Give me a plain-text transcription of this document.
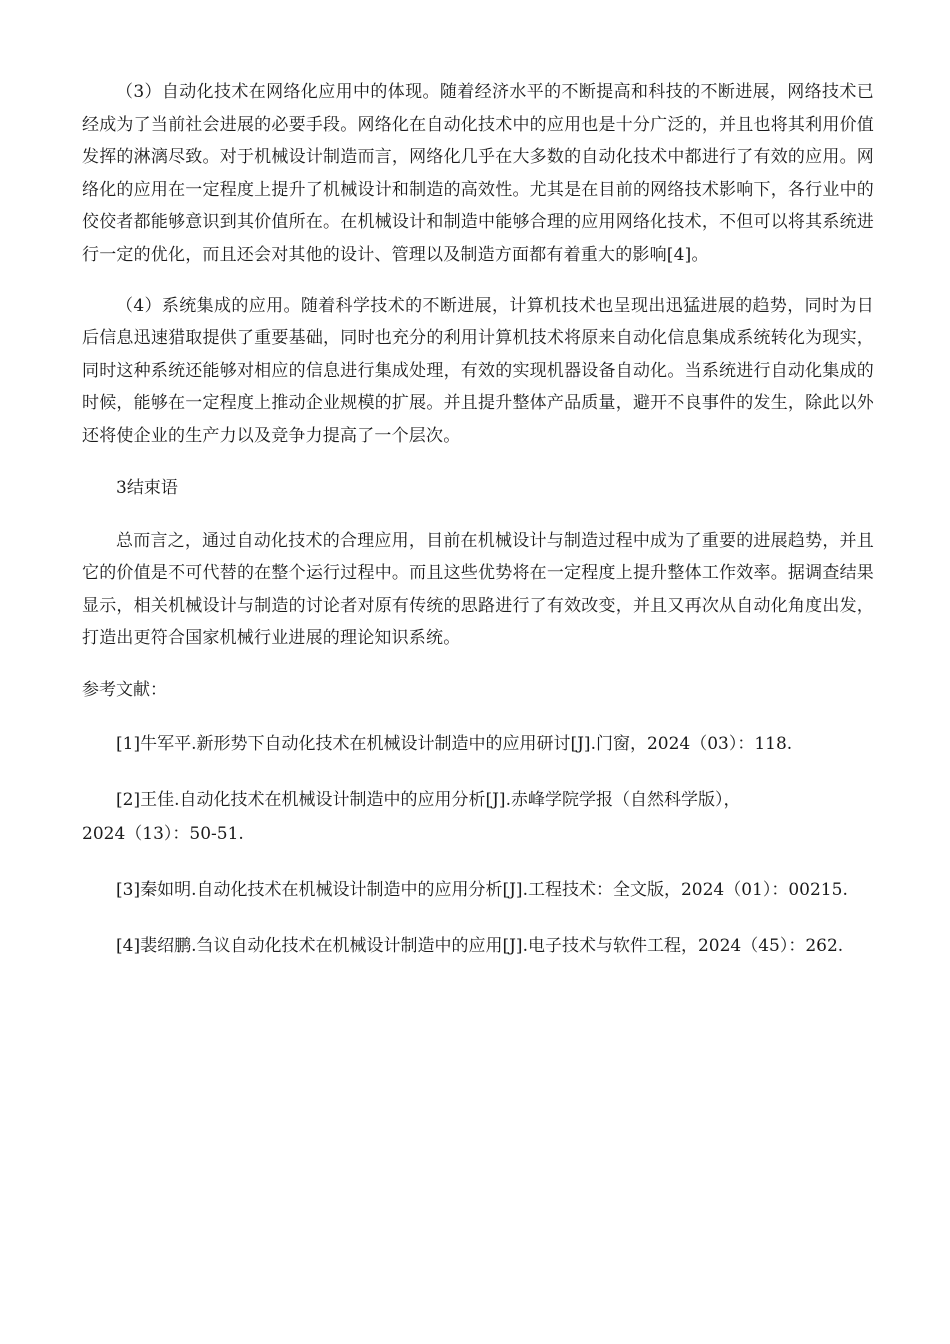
（3）自动化技术在网络化应用中的体现。随着经济水平的不断提高和科技的不断进展，网络技术已经成为了当前社会进展的必要手段。网络化在自动化技术中的应用也是十分广泛的，并且也将其利用价值发挥的淋漓尽致。对于机械设计制造而言，网络化几乎在大多数的自动化技术中都进行了有效的应用。网络化的应用在一定程度上提升了机械设计和制造的高效性。尤其是在目前的网络技术影响下，各行业中的佼佼者都能够意识到其价值所在。在机械设计和制造中能够合理的应用网络化技术，不但可以将其系统进行一定的优化，而且还会对其他的设计、管理以及制造方面都有着重大的影响[4]。

（4）系统集成的应用。随着科学技术的不断进展，计算机技术也呈现出迅猛进展的趋势，同时为日后信息迅速猎取提供了重要基础，同时也充分的利用计算机技术将原来自动化信息集成系统转化为现实，同时这种系统还能够对相应的信息进行集成处理，有效的实现机器设备自动化。当系统进行自动化集成的时候，能够在一定程度上推动企业规模的扩展。并且提升整体产品质量，避开不良事件的发生，除此以外还将使企业的生产力以及竞争力提高了一个层次。

3结束语

总而言之，通过自动化技术的合理应用，目前在机械设计与制造过程中成为了重要的进展趋势，并且它的价值是不可代替的在整个运行过程中。而且这些优势将在一定程度上提升整体工作效率。据调查结果显示，相关机械设计与制造的讨论者对原有传统的思路进行了有效改变，并且又再次从自动化角度出发，打造出更符合国家机械行业进展的理论知识系统。

参考文献：

[1]牛军平.新形势下自动化技术在机械设计制造中的应用研讨[J].门窗，2024（03）：118.

[2]王佳.自动化技术在机械设计制造中的应用分析[J].赤峰学院学报（自然科学版），2024（13）：50-51.

[3]秦如明.自动化技术在机械设计制造中的应用分析[J].工程技术：全文版，2024（01）：00215.

[4]裴绍鹏.刍议自动化技术在机械设计制造中的应用[J].电子技术与软件工程，2024（45）：262.
